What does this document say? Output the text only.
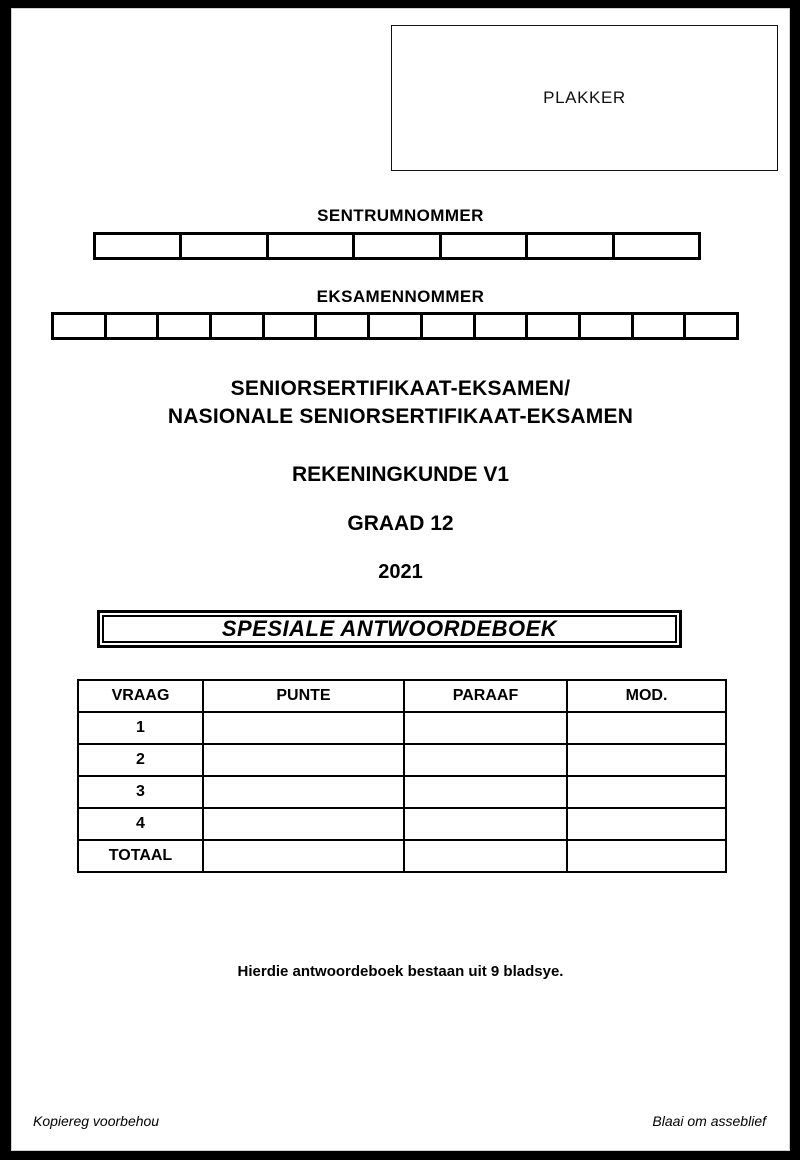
PLAKKER
SENTRUMNOMMER
EKSAMENNOMMER
SENIORSERTIFIKAAT-EKSAMEN/
NASIONALE SENIORSERTIFIKAAT-EKSAMEN
REKENINGKUNDE V1
GRAAD 12
2021
SPESIALE ANTWOORDEBOEK
VRAAG	PUNTE	PARAAF	MOD.
1			
2			
3			
4			
TOTAAL			
Hierdie antwoordeboek bestaan uit 9 bladsye.
Kopiereg voorbehou	Blaai om asseblief
